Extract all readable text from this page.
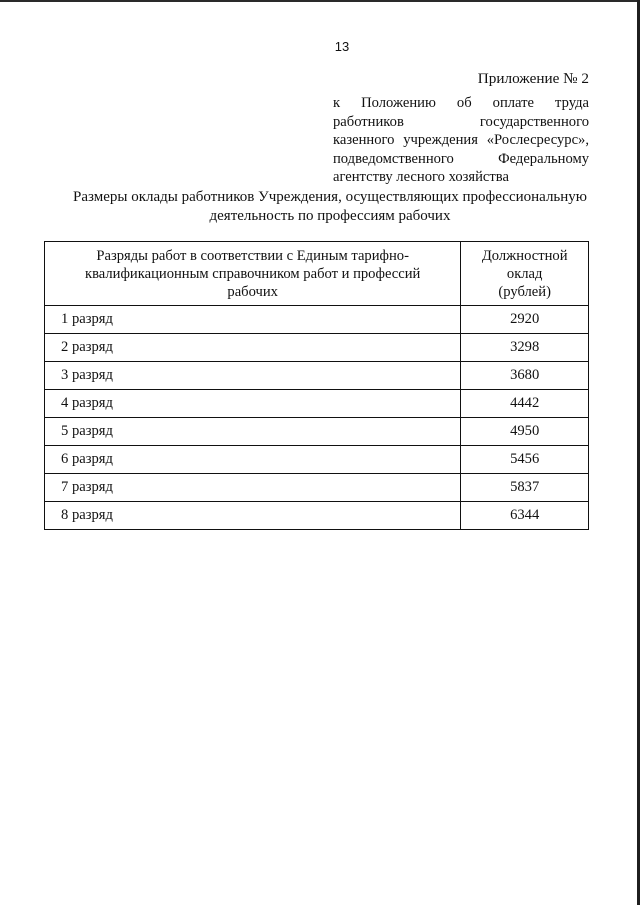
13
Приложение № 2
к Положению об оплате труда
работников государственного
казенного учреждения «Рослесресурс»,
подведомственного Федеральному
агентству лесного хозяйства
Размеры оклады работников Учреждения, осуществляющих профессиональную
деятельность по профессиям рабочих
Разряды работ в соответствии с Единым тарифно-
квалификационным справочником работ и профессий
рабочих	Должностной
оклад
(рублей)

1 разряд	2920
2 разряд	3298
3 разряд	3680
4 разряд	4442
5 разряд	4950
6 разряд	5456
7 разряд	5837
8 разряд	6344
